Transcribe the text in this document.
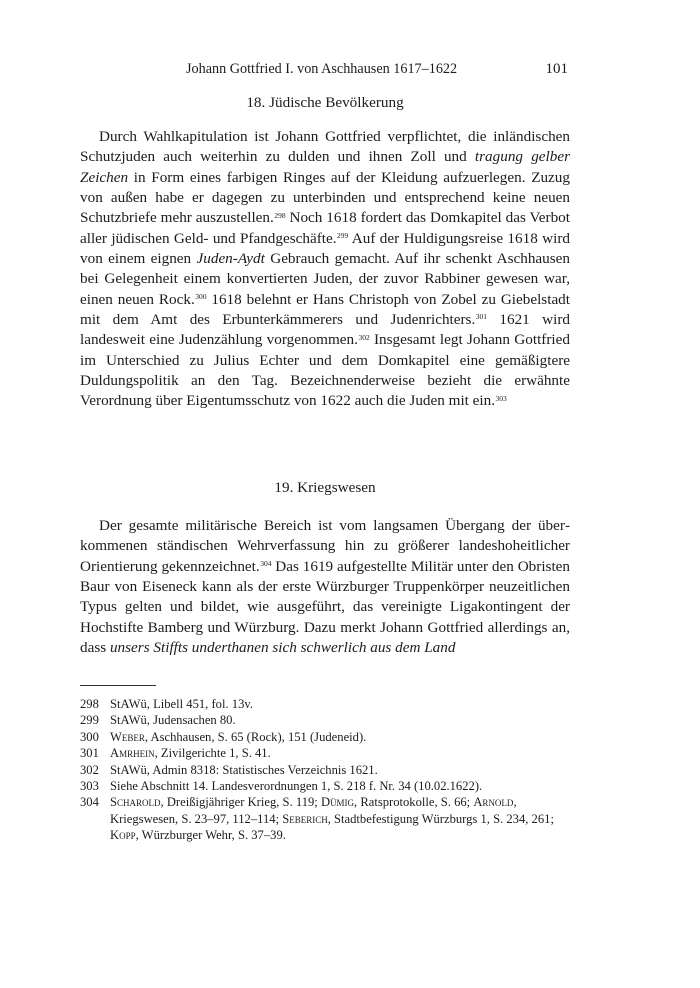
Johann Gottfried I. von Aschhausen 1617–1622	101
18. Jüdische Bevölkerung

Durch Wahlkapitulation ist Johann Gottfried verpflichtet, die inländischen Schutzjuden auch weiterhin zu dulden und ihnen Zoll und tragung gelber Zeichen in Form eines farbigen Ringes auf der Kleidung aufzuerlegen. Zuzug von außen habe er dagegen zu unterbinden und entsprechend keine neuen Schutzbriefe mehr auszustellen.$^{298}$ Noch 1618 fordert das Domkapitel das Verbot aller jüdischen Geld- und Pfandgeschäfte.$^{299}$ Auf der Huldigungsreise 1618 wird von einem eignen Juden-Aydt Gebrauch gemacht. Auf ihr schenkt Aschhausen bei Gelegenheit einem konvertierten Juden, der zuvor Rabbiner gewesen war, einen neuen Rock.$^{300}$ 1618 belehnt er Hans Christoph von Zobel zu Giebelstadt mit dem Amt des Erbunterkämmerers und Judenrichters.$^{301}$ 1621 wird landesweit eine Judenzählung vorgenommen.$^{302}$ Insgesamt legt Johann Gottfried im Unterschied zu Julius Echter und dem Domkapitel eine gemäßigtere Duldungspolitik an den Tag. Bezeichnenderweise bezieht die erwähnte Verordnung über Eigentumsschutz von 1622 auch die Juden mit ein.$^{303}$

19. Kriegswesen

Der gesamte militärische Bereich ist vom langsamen Übergang der überkommenen ständischen Wehrverfassung hin zu größerer landeshoheitlicher Orientierung gekennzeichnet.$^{304}$ Das 1619 aufgestellte Militär unter den Obristen Baur von Eiseneck kann als der erste Würzburger Truppenkörper neuzeitlichen Typus gelten und bildet, wie ausgeführt, das vereinigte Ligakontingent der Hochstifte Bamberg und Würzburg. Dazu merkt Johann Gottfried allerdings an, dass unsers Stiffts underthanen sich schwerlich aus dem Land

298 StAWü, Libell 451, fol. 13v.
299 StAWü, Judensachen 80.
300 Weber, Aschhausen, S. 65 (Rock), 151 (Judeneid).
301 Amrhein, Zivilgerichte 1, S. 41.
302 StAWü, Admin 8318: Statistisches Verzeichnis 1621.
303 Siehe Abschnitt 14. Landesverordnungen 1, S. 218 f. Nr. 34 (10.02.1622).
304 Scharold, Dreißigjähriger Krieg, S. 119; Dümig, Ratsprotokolle, S. 66; Arnold, Kriegswesen, S. 23–97, 112–114; Seberich, Stadtbefestigung Würzburgs 1, S. 234, 261; Kopp, Würzburger Wehr, S. 37–39.
